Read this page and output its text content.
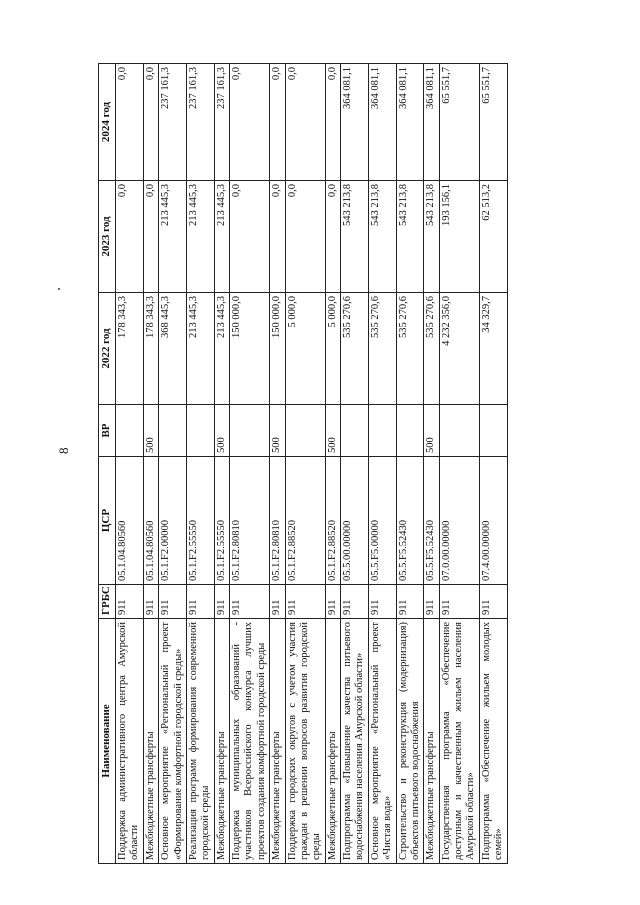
8
Наименование	ГРБС	ЦСР	ВР	2022 год	2023 год	2024 год
Поддержка административного центра Амурской области	911	05.1.04.80560		178 343,3	0,0	0,0
Межбюджетные трансферты	911	05.1.04.80560	500	178 343,3	0,0	0,0
Основное мероприятие «Региональный проект «Формирование комфортной городской среды»	911	05.1.F2.00000		368 445,3	213 445,3	237 161,3
Реализация программ формирования современной городской среды	911	05.1.F2.55550		213 445,3	213 445,3	237 161,3
Межбюджетные трансферты	911	05.1.F2.55550	500	213 445,3	213 445,3	237 161,3
Поддержка муниципальных образований - участников Всероссийского конкурса лучших проектов создания комфортной городской среды	911	05.1.F2.80810		150 000,0	0,0	0,0
Межбюджетные трансферты	911	05.1.F2.80810	500	150 000,0	0,0	0,0
Поддержка городских округов с учетом участия граждан в решении вопросов развития городской среды	911	05.1.F2.88520		5 000,0	0,0	0,0
Межбюджетные трансферты	911	05.1.F2.88520	500	5 000,0	0,0	0,0
Подпрограмма «Повышение качества питьевого водоснабжения населения Амурской области»	911	05.5.00.00000		535 270,6	543 213,8	364 081,1
Основное мероприятие «Региональный проект «Чистая вода»	911	05.5.F5.00000		535 270,6	543 213,8	364 081,1
Строительство и реконструкция (модернизация) объектов питьевого водоснабжения	911	05.5.F5.52430		535 270,6	543 213,8	364 081,1
Межбюджетные трансферты	911	05.5.F5.52430	500	535 270,6	543 213,8	364 081,1
Государственная программа «Обеспечение доступным и качественным жильем населения Амурской области»	911	07.0.00.00000		4 232 356,0	193 156,1	65 551,7
Подпрограмма «Обеспечение жильем молодых семей»	911	07.4.00.00000		34 329,7	62 513,2	65 551,7
